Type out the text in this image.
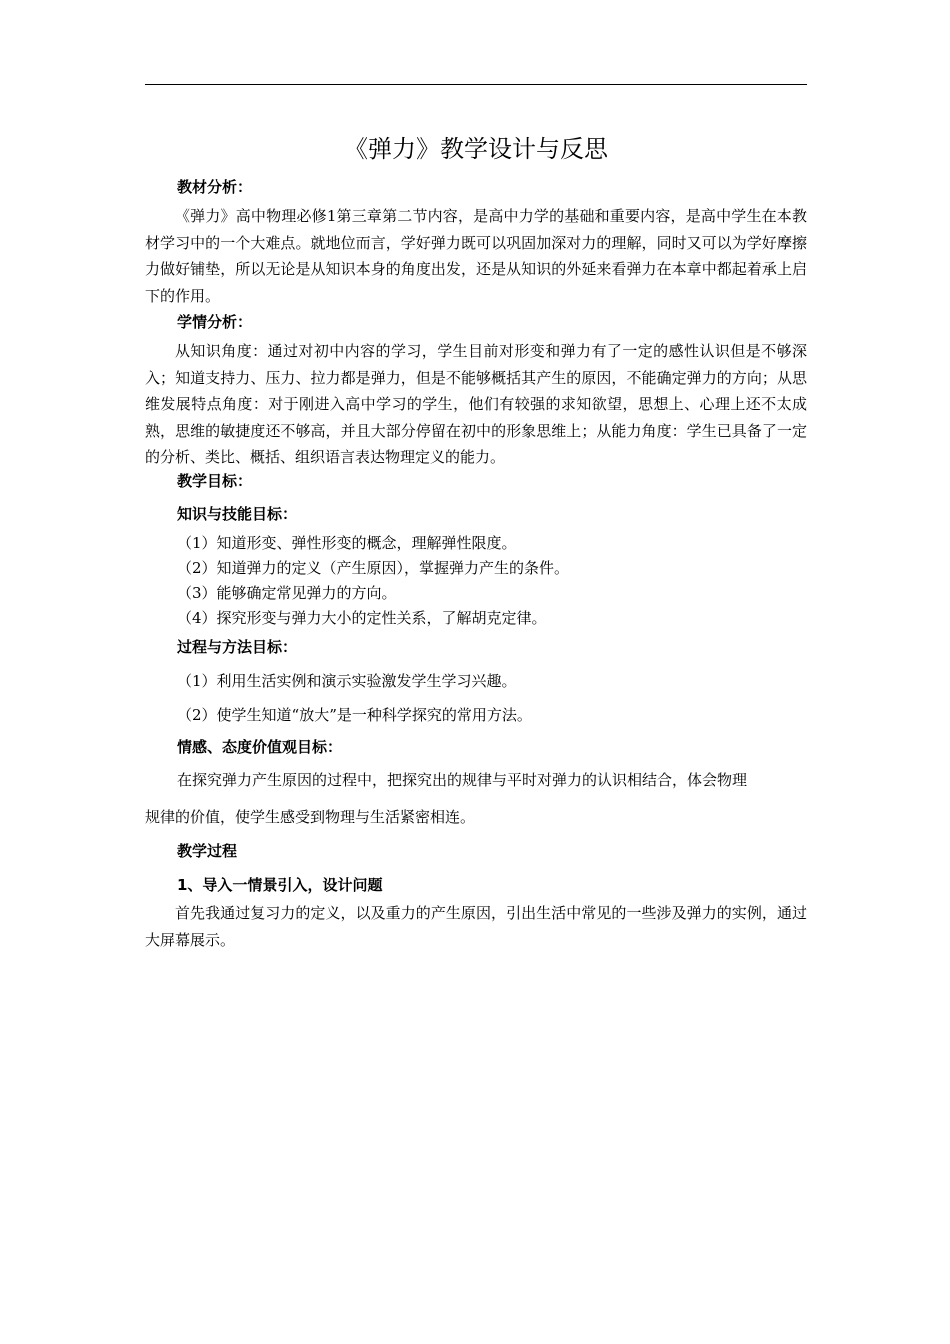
《弹力》教学设计与反思
教材分析：
《弹力》高中物理必修1第三章第二节内容，是高中力学的基础和重要内容，是高中学生在本教材学习中的一个大难点。就地位而言，学好弹力既可以巩固加深对力的理解，同时又可以为学好摩擦力做好铺垫，所以无论是从知识本身的角度出发，还是从知识的外延来看弹力在本章中都起着承上启下的作用。
学情分析：
从知识角度：通过对初中内容的学习，学生目前对形变和弹力有了一定的感性认识但是不够深入；知道支持力、压力、拉力都是弹力，但是不能够概括其产生的原因，不能确定弹力的方向；从思维发展特点角度：对于刚进入高中学习的学生，他们有较强的求知欲望，思想上、心理上还不太成熟，思维的敏捷度还不够高，并且大部分停留在初中的形象思维上；从能力角度：学生已具备了一定的分析、类比、概括、组织语言表达物理定义的能力。
教学目标：
知识与技能目标：
（1）知道形变、弹性形变的概念，理解弹性限度。
（2）知道弹力的定义（产生原因），掌握弹力产生的条件。
（3）能够确定常见弹力的方向。
（4）探究形变与弹力大小的定性关系，了解胡克定律。
过程与方法目标：
（1）利用生活实例和演示实验激发学生学习兴趣。
（2）使学生知道“放大”是一种科学探究的常用方法。
情感、态度价值观目标：
在探究弹力产生原因的过程中，把探究出的规律与平时对弹力的认识相结合，体会物理
规律的价值，使学生感受到物理与生活紧密相连。
教学过程
1、导入一情景引入，设计问题
首先我通过复习力的定义，以及重力的产生原因，引出生活中常见的一些涉及弹力的实例，通过大屏幕展示。
